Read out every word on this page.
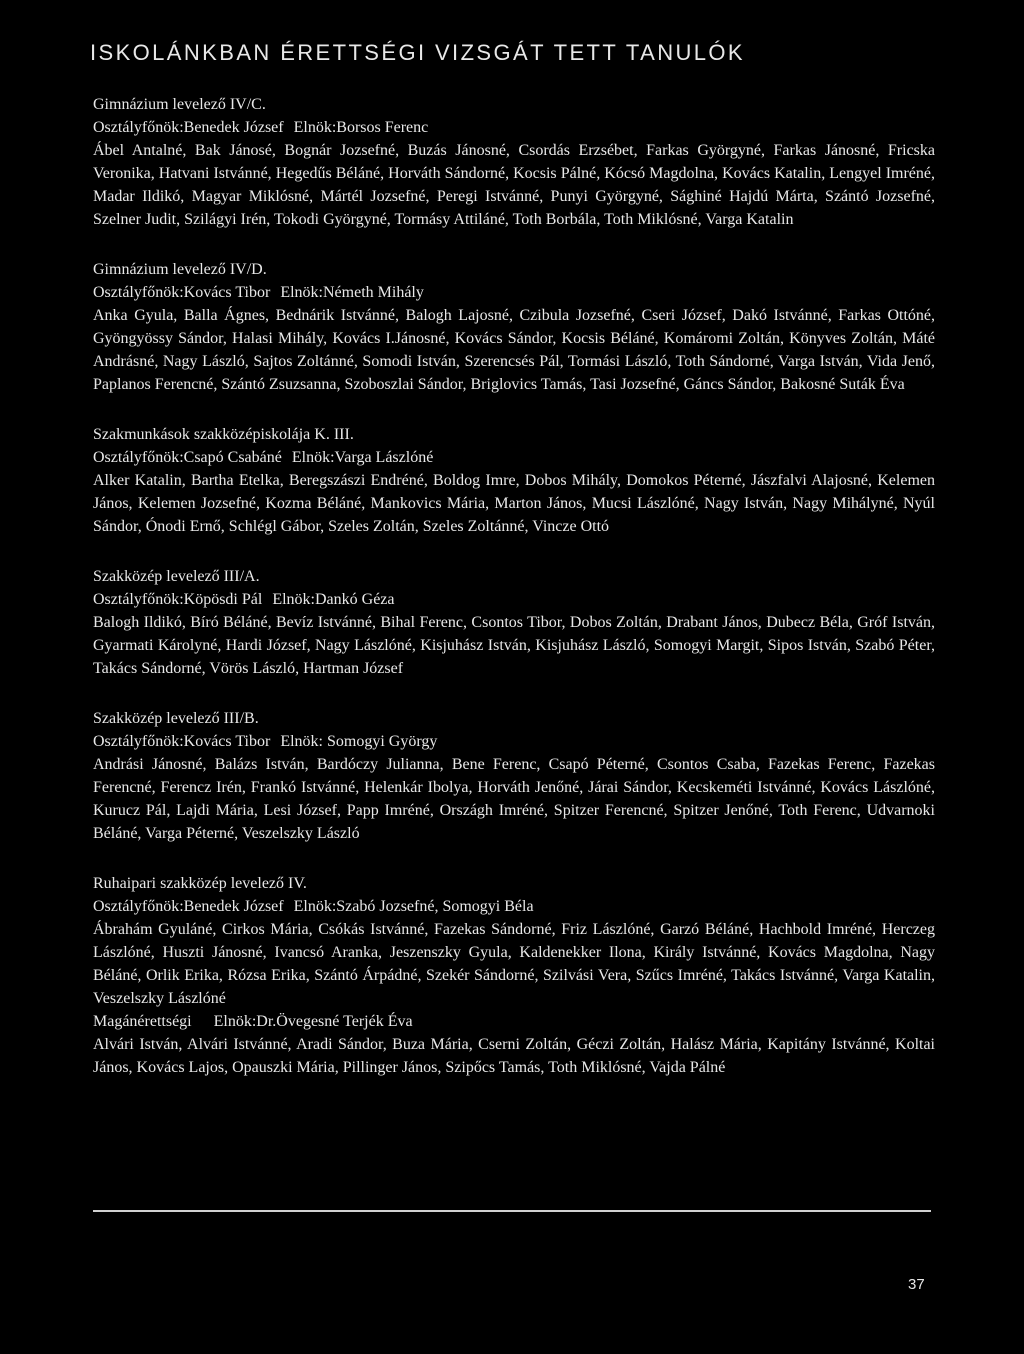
ISKOLÁNKBAN ÉRETTSÉGI VIZSGÁT TETT TANULÓK
Gimnázium levelező IV/C.
Osztályfőnök:Benedek József Elnök:Borsos Ferenc
Ábel Antalné, Bak Jánosé, Bognár Jozsefné, Buzás Jánosné, Csordás Erzsébet, Farkas Györgyné, Farkas Jánosné, Fricska Veronika, Hatvani Istvánné, Hegedűs Béláné, Horváth Sándorné, Kocsis Pálné, Kócsó Magdolna, Kovács Katalin, Lengyel Imréné, Madar Ildikó, Magyar Miklósné, Mártél Jozsefné, Peregi Istvánné, Punyi Györgyné, Sághiné Hajdú Márta, Szántó Jozsefné, Szelner Judit, Szilágyi Irén, Tokodi Györgyné, Tormásy Attiláné, Toth Borbála, Toth Miklósné, Varga Katalin
Gimnázium levelező IV/D.
Osztályfőnök:Kovács Tibor Elnök:Németh Mihály
Anka Gyula, Balla Ágnes, Bednárik Istvánné, Balogh Lajosné, Czibula Jozsefné, Cseri József, Dakó Istvánné, Farkas Ottóné, Gyöngyössy Sándor, Halasi Mihály, Kovács I.Jánosné, Kovács Sándor, Kocsis Béláné, Komáromi Zoltán, Könyves Zoltán, Máté Andrásné, Nagy László, Sajtos Zoltánné, Somodi István, Szerencsés Pál, Tormási László, Toth Sándorné, Varga István, Vida Jenő, Paplanos Ferencné, Szántó Zsuzsanna, Szoboszlai Sándor, Briglovics Tamás, Tasi Jozsefné, Gáncs Sándor, Bakosné Suták Éva
Szakmunkások szakközépiskolája K. III.
Osztályfőnök:Csapó Csabáné Elnök:Varga Lászlóné
Alker Katalin, Bartha Etelka, Beregszászi Endréné, Boldog Imre, Dobos Mihály, Domokos Péterné, Jászfalvi Alajosné, Kelemen János, Kelemen Jozsefné, Kozma Béláné, Mankovics Mária, Marton János, Mucsi Lászlóné, Nagy István, Nagy Mihályné, Nyúl Sándor, Ónodi Ernő, Schlégl Gábor, Szeles Zoltán, Szeles Zoltánné, Vincze Ottó
Szakközép levelező III/A.
Osztályfőnök:Köpösdi Pál Elnök:Dankó Géza
Balogh Ildikó, Bíró Béláné, Bevíz Istvánné, Bihal Ferenc, Csontos Tibor, Dobos Zoltán, Drabant János, Dubecz Béla, Gróf István, Gyarmati Károlyné, Hardi József, Nagy Lászlóné, Kisjuhász István, Kisjuhász László, Somogyi Margit, Sipos István, Szabó Péter, Takács Sándorné, Vörös László, Hartman József
Szakközép levelező III/B.
Osztályfőnök:Kovács Tibor Elnök: Somogyi György
Andrási Jánosné, Balázs István, Bardóczy Julianna, Bene Ferenc, Csapó Péterné, Csontos Csaba, Fazekas Ferenc, Fazekas Ferencné, Ferencz Irén, Frankó Istvánné, Helenkár Ibolya, Horváth Jenőné, Járai Sándor, Kecskeméti Istvánné, Kovács Lászlóné, Kurucz Pál, Lajdi Mária, Lesi József, Papp Imréné, Országh Imréné, Spitzer Ferencné, Spitzer Jenőné, Toth Ferenc, Udvarnoki Béláné, Varga Péterné, Veszelszky László
Ruhaipari szakközép levelező IV.
Osztályfőnök:Benedek József Elnök:Szabó Jozsefné, Somogyi Béla
Ábrahám Gyuláné, Cirkos Mária, Csókás Istvánné, Fazekas Sándorné, Friz Lászlóné, Garzó Béláné, Hachbold Imréné, Herczeg Lászlóné, Huszti Jánosné, Ivancsó Aranka, Jeszenszky Gyula, Kaldenekker Ilona, Király Istvánné, Kovács Magdolna, Nagy Béláné, Orlik Erika, Rózsa Erika, Szántó Árpádné, Szekér Sándorné, Szilvási Vera, Szűcs Imréné, Takács Istvánné, Varga Katalin, Veszelszky Lászlóné
Magánérettségi Elnök:Dr.Övegesné Terjék Éva
Alvári István, Alvári Istvánné, Aradi Sándor, Buza Mária, Cserni Zoltán, Géczi Zoltán, Halász Mária, Kapitány Istvánné, Koltai János, Kovács Lajos, Opauszki Mária, Pillinger János, Szipőcs Tamás, Toth Miklósné, Vajda Pálné
37
